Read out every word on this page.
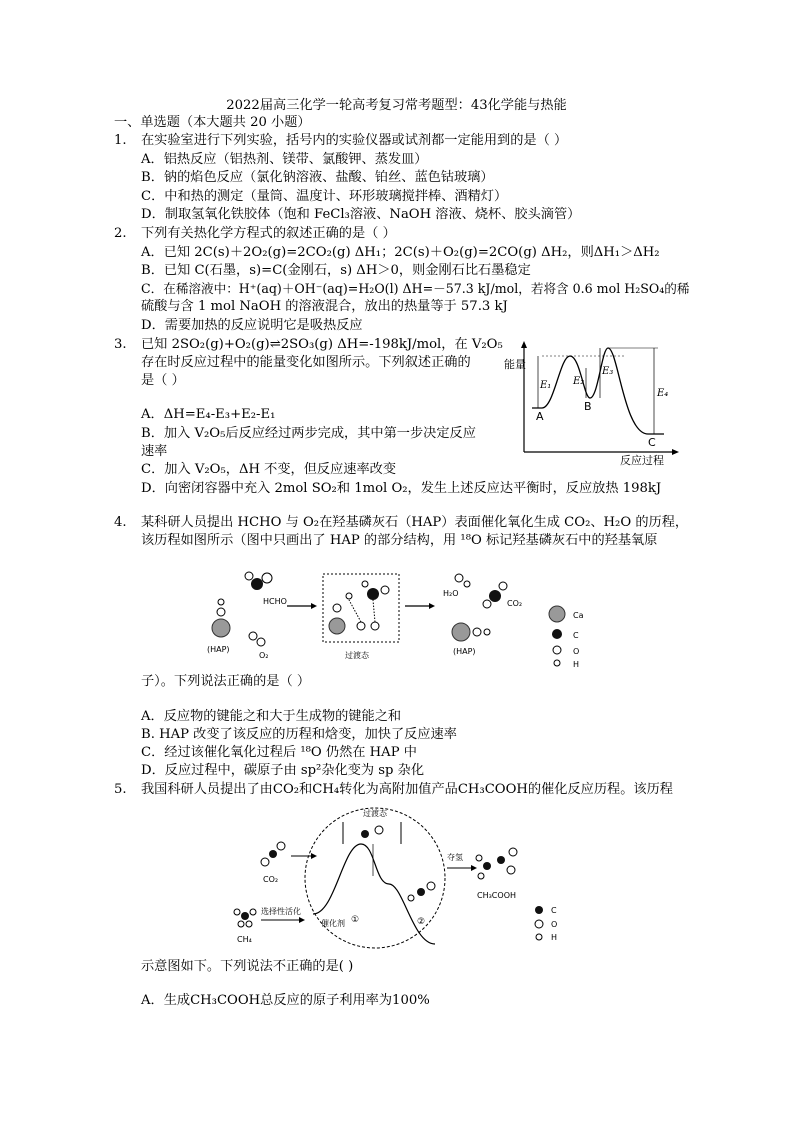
2022届高三化学一轮高考复习常考题型：43化学能与热能
一、单选题（本大题共 20 小题）
1. 在实验室进行下列实验，括号内的实验仪器或试剂都一定能用到的是（ ）
A．铝热反应（铝热剂、镁带、氯酸钾、蒸发皿）
B．钠的焰色反应（氯化钠溶液、盐酸、铂丝、蓝色钴玻璃）
C．中和热的测定（量筒、温度计、环形玻璃搅拌棒、酒精灯）
D．制取氢氧化铁胶体（饱和 FeCl₃溶液、NaOH 溶液、烧杯、胶头滴管）
2. 下列有关热化学方程式的叙述正确的是（ ）
A．已知 2C(s)＋2O₂(g)=2CO₂(g) ΔH₁；2C(s)＋O₂(g)=2CO(g) ΔH₂，则ΔH₁＞ΔH₂
B．已知 C(石墨，s)=C(金刚石，s) ΔH＞0，则金刚石比石墨稳定
C．在稀溶液中：H⁺(aq)＋OH⁻(aq)=H₂O(l) ΔH=－57.3 kJ/mol，若将含 0.6 mol H₂SO₄的稀
硫酸与含 1 mol NaOH 的溶液混合，放出的热量等于 57.3 kJ
D．需要加热的反应说明它是吸热反应
3. 已知 2SO₂(g)+O₂(g)⇌2SO₃(g) ΔH=-198kJ/mol，在 V₂O₅
存在时反应过程中的能量变化如图所示。下列叙述正确的
是（ ）
A．ΔH=E₄-E₃+E₂-E₁
B．加入 V₂O₅后反应经过两步完成，其中第一步决定反应
速率
C．加入 V₂O₅，ΔH 不变，但反应速率改变
D．向密闭容器中充入 2mol SO₂和 1mol O₂，发生上述反应达平衡时，反应放热 198kJ
能量
反应过程
E₁ E₂
E₃
E₄
A
B
C
4. 某科研人员提出 HCHO 与 O₂在羟基磷灰石（HAP）表面催化氧化生成 CO₂、H₂O 的历程，
该历程如图所示（图中只画出了 HAP 的部分结构，用 ¹⁸O 标记羟基磷灰石中的羟基氧原
HCHO
(HAP)
O₂	过渡态
H₂O
CO₂
(HAP)
Ca
C
O
H
子）。下列说法正确的是（ ）
A．反应物的键能之和大于生成物的键能之和
B. HAP 改变了该反应的历程和焓变，加快了反应速率
C．经过该催化氧化过程后 ¹⁸O 仍然在 HAP 中
D．反应过程中，碳原子由 sp²杂化变为 sp 杂化
5. 我国科研人员提出了由CO₂和CH₄转化为高附加值产品CH₃COOH的催化反应历程。该历程
CO₂
CH₄
选择性活化
过渡态
催化剂 ①	②
夺氢
CH₃COOH
C
O
H
示意图如下。下列说法不正确的是( )
A．生成CH₃COOH总反应的原子利用率为100%
